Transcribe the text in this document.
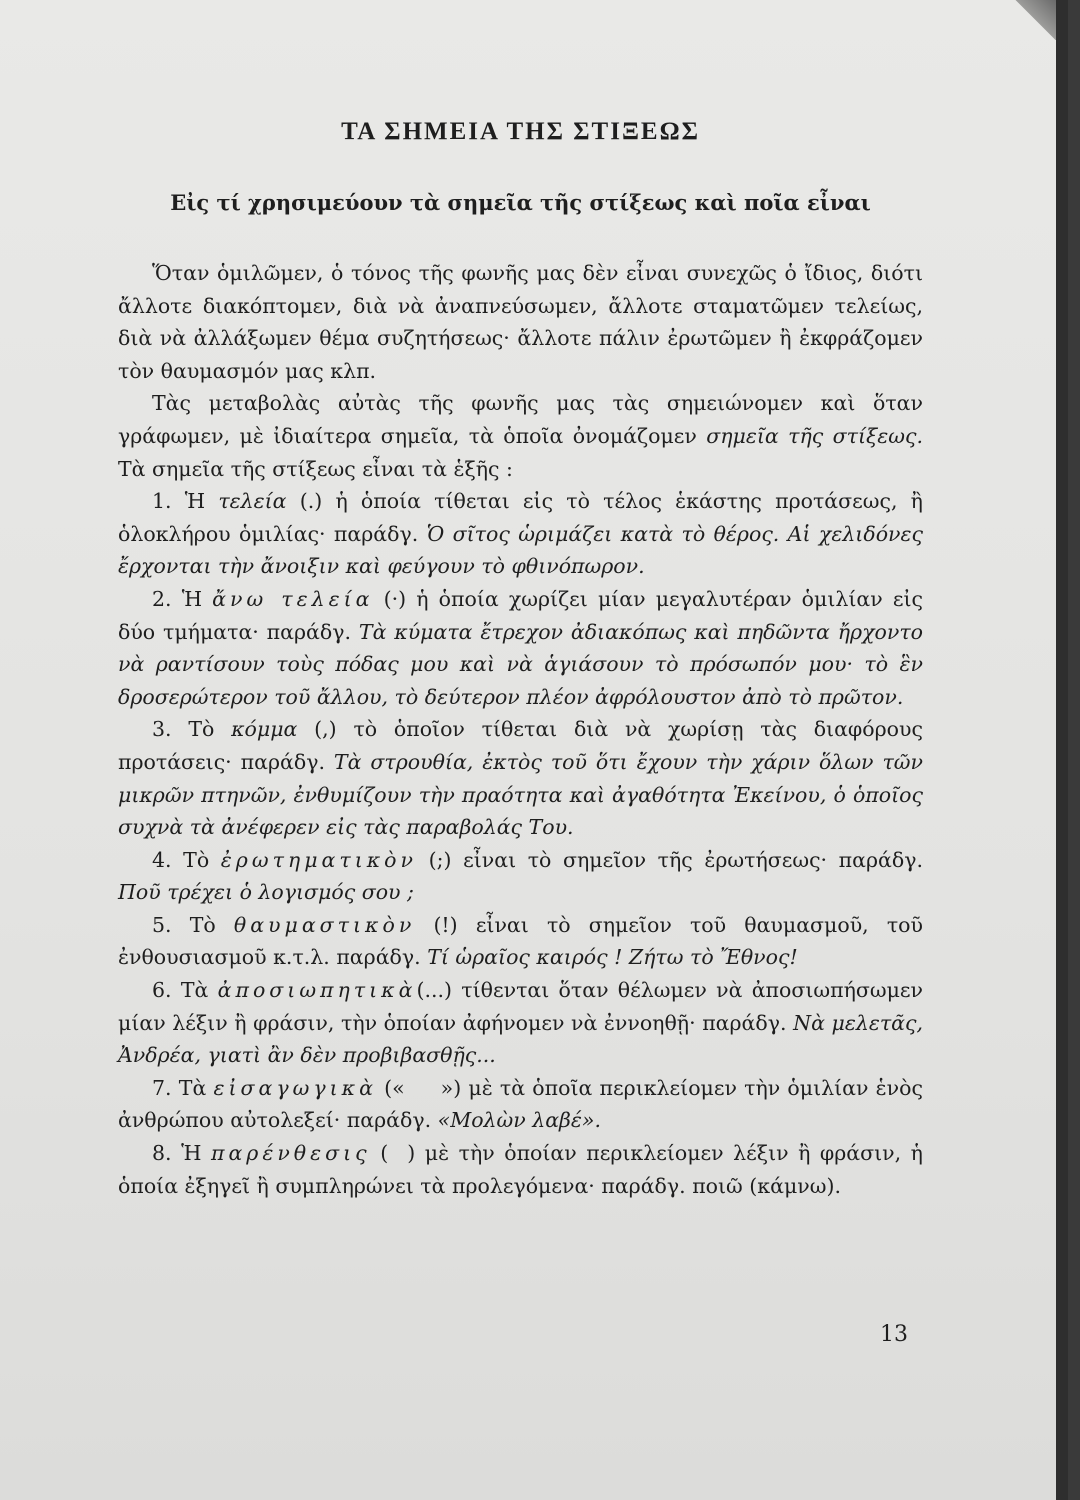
ΤΑ ΣΗΜΕΙΑ ΤΗΣ ΣΤΙΞΕΩΣ
Εἰς τί χρησιμεύουν τὰ σημεῖα τῆς στίξεως καὶ ποῖα εἶναι

Ὅταν ὁμιλῶμεν, ὁ τόνος τῆς φωνῆς μας δὲν εἶναι συνεχῶς ὁ ἴδιος, διότι ἄλλοτε διακόπτομεν, διὰ νὰ ἀναπνεύσωμεν, ἄλλοτε σταματῶμεν τελείως, διὰ νὰ ἀλλάξωμεν θέμα συζητήσεως· ἄλλοτε πάλιν ἐρωτῶμεν ἢ ἐκφράζομεν τὸν θαυμασμόν μας κλπ.

Τὰς μεταβολὰς αὐτὰς τῆς φωνῆς μας τὰς σημειώνομεν καὶ ὅταν γράφωμεν, μὲ ἰδιαίτερα σημεῖα, τὰ ὁποῖα ὀνομάζομεν σημεῖα τῆς στίξεως. Τὰ σημεῖα τῆς στίξεως εἶναι τὰ ἑξῆς :

1. Ἡ τελεία (.) ἡ ὁποία τίθεται εἰς τὸ τέλος ἑκάστης προτάσεως, ἢ ὁλοκλήρου ὁμιλίας· παράδγ. Ὁ σῖτος ὡριμάζει κατὰ τὸ θέρος. Αἱ χελιδόνες ἔρχονται τὴν ἄνοιξιν καὶ φεύγουν τὸ φθινόπωρον.

2. Ἡ ἄνω τελεία (·) ἡ ὁποία χωρίζει μίαν μεγαλυτέραν ὁμιλίαν εἰς δύο τμήματα· παράδγ. Τὰ κύματα ἔτρεχον ἀδιακόπως καὶ πηδῶντα ἤρχοντο νὰ ραντίσουν τοὺς πόδας μου καὶ νὰ ἁγιάσουν τὸ πρόσωπόν μου· τὸ ἓν δροσερώτερον τοῦ ἄλλου, τὸ δεύτερον πλέον ἀφρόλουστον ἀπὸ τὸ πρῶτον.

3. Τὸ κόμμα (,) τὸ ὁποῖον τίθεται διὰ νὰ χωρίσῃ τὰς διαφόρους προτάσεις· παράδγ. Τὰ στρουθία, ἐκτὸς τοῦ ὅτι ἔχουν τὴν χάριν ὅλων τῶν μικρῶν πτηνῶν, ἐνθυμίζουν τὴν πραότητα καὶ ἀγαθότητα Ἐκείνου, ὁ ὁποῖος συχνὰ τὰ ἀνέφερεν εἰς τὰς παραβολάς Του.

4. Τὸ ἐρωτηματικὸν (;) εἶναι τὸ σημεῖον τῆς ἐρωτήσεως· παράδγ. Ποῦ τρέχει ὁ λογισμός σου ;

5. Τὸ θαυμαστικὸν (!) εἶναι τὸ σημεῖον τοῦ θαυμασμοῦ, τοῦ ἐνθουσιασμοῦ κ.τ.λ. παράδγ. Τί ὡραῖος καιρός ! Ζήτω τὸ Ἔθνος!

6. Τὰ ἀποσιωπητικὰ(...) τίθενται ὅταν θέλωμεν νὰ ἀποσιωπήσωμεν μίαν λέξιν ἢ φράσιν, τὴν ὁποίαν ἀφήνομεν νὰ ἐννοηθῇ· παράδγ. Νὰ μελετᾶς, Ἀνδρέα, γιατὶ ἂν δὲν προβιβασθῇς...

7. Τὰ εἰσαγωγικὰ («     ») μὲ τὰ ὁποῖα περικλείομεν τὴν ὁμιλίαν ἑνὸς ἀνθρώπου αὐτολεξεί· παράδγ. «Μολὼν λαβέ».

8. Ἡ παρένθεσις (  ) μὲ τὴν ὁποίαν περικλείομεν λέξιν ἢ φράσιν, ἡ ὁποία ἐξηγεῖ ἢ συμπληρώνει τὰ προλεγόμενα· παράδγ. ποιῶ (κάμνω).

13
